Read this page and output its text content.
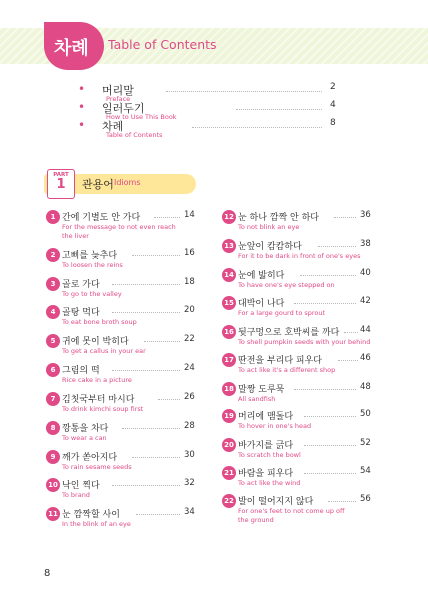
차례 Table of Contents
• 머리말
Preface
2
• 일러두기
How to Use This Book
4
• 차례
Table of Contents
8
PART
1	관용어 Idioms
1 간에 기별도 안 가다	14
For the message to not even reach the liver
2 고삐를 늦추다	16
To loosen the reins
3 골로 가다	18
To go to the valley
4 골탕 먹다	20
To eat bone broth soup
5 귀에 못이 박히다	22
To get a callus in your ear
6 그림의 떡	24
Rice cake in a picture
7 김칫국부터 마시다	26
To drink kimchi soup first
8 깡통을 차다	28
To wear a can
9 깨가 쏟아지다	30
To rain sesame seeds
10 낙인 찍다	32
To brand
11 눈 깜짝할 사이	34
In the blink of an eye
12 눈 하나 깜짝 안 하다	36
To not blink an eye
13 눈앞이 캄캄하다	38
For it to be dark in front of one's eyes
14 눈에 밟히다	40
To have one's eye stepped on
15 대박이 나다	42
For a large gourd to sprout
16 뒷구멍으로 호박씨를 까다 44
To shell pumpkin seeds with your behind
17 딴전을 부리다 피우다	46
To act like it's a different shop
18 말짱 도루묵	48
All sandfish
19 머리에 맴돌다	50
To hover in one's head
20 바가지를 긁다	52
To scratch the bowl
21 바람을 피우다	54
To act like the wind
22 발이 떨어지지 않다	56
For one's feet to not come up off the ground
8
